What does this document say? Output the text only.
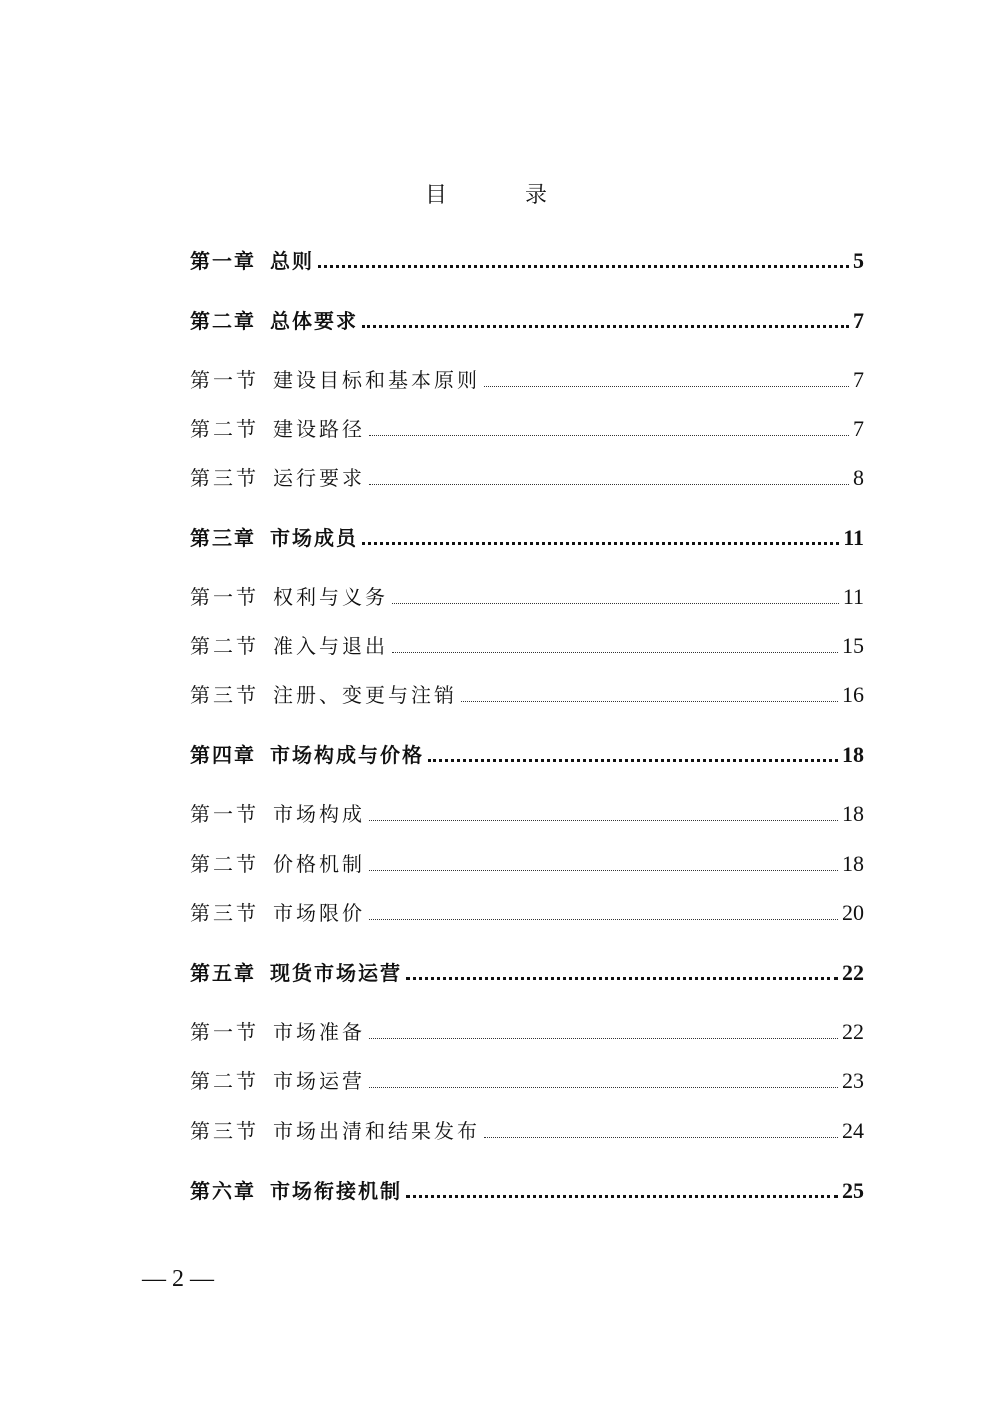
目　录
第一章 总则	5
第二章 总体要求	7
第一节 建设目标和基本原则	7
第二节 建设路径	7
第三节 运行要求	8
第三章 市场成员	11
第一节 权利与义务	11
第二节 准入与退出	15
第三节 注册、变更与注销	16
第四章 市场构成与价格	18
第一节 市场构成	18
第二节 价格机制	18
第三节 市场限价	20
第五章 现货市场运营	22
第一节 市场准备	22
第二节 市场运营	23
第三节 市场出清和结果发布	24
第六章 市场衔接机制	25
— 2 —
